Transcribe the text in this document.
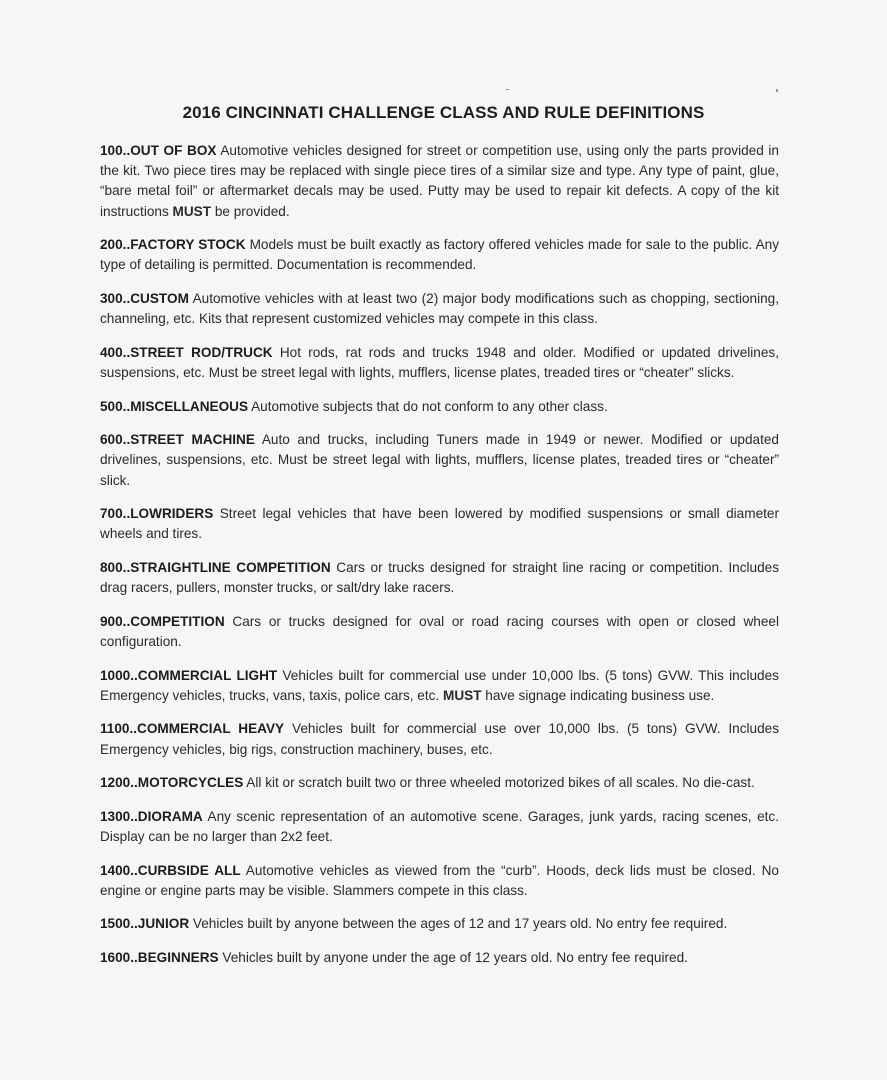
2016 CINCINNATI CHALLENGE CLASS AND RULE DEFINITIONS

100..OUT OF BOX Automotive vehicles designed for street or competition use, using only the parts provided in the kit. Two piece tires may be replaced with single piece tires of a similar size and type. Any type of paint, glue, “bare metal foil” or aftermarket decals may be used. Putty may be used to repair kit defects. A copy of the kit instructions MUST be provided.

200..FACTORY STOCK Models must be built exactly as factory offered vehicles made for sale to the public. Any type of detailing is permitted. Documentation is recommended.

300..CUSTOM Automotive vehicles with at least two (2) major body modifications such as chopping, sectioning, channeling, etc. Kits that represent customized vehicles may compete in this class.

400..STREET ROD/TRUCK Hot rods, rat rods and trucks 1948 and older. Modified or updated drivelines, suspensions, etc. Must be street legal with lights, mufflers, license plates, treaded tires or “cheater” slicks.

500..MISCELLANEOUS Automotive subjects that do not conform to any other class.

600..STREET MACHINE Auto and trucks, including Tuners made in 1949 or newer. Modified or updated drivelines, suspensions, etc. Must be street legal with lights, mufflers, license plates, treaded tires or “cheater” slick.

700..LOWRIDERS Street legal vehicles that have been lowered by modified suspensions or small diameter wheels and tires.

800..STRAIGHTLINE COMPETITION Cars or trucks designed for straight line racing or competition. Includes drag racers, pullers, monster trucks, or salt/dry lake racers.

900..COMPETITION Cars or trucks designed for oval or road racing courses with open or closed wheel configuration.

1000..COMMERCIAL LIGHT Vehicles built for commercial use under 10,000 lbs. (5 tons) GVW. This includes Emergency vehicles, trucks, vans, taxis, police cars, etc. MUST have signage indicating business use.

1100..COMMERCIAL HEAVY Vehicles built for commercial use over 10,000 lbs. (5 tons) GVW. Includes Emergency vehicles, big rigs, construction machinery, buses, etc.

1200..MOTORCYCLES All kit or scratch built two or three wheeled motorized bikes of all scales. No die-cast.

1300..DIORAMA Any scenic representation of an automotive scene. Garages, junk yards, racing scenes, etc. Display can be no larger than 2x2 feet.

1400..CURBSIDE ALL Automotive vehicles as viewed from the “curb”. Hoods, deck lids must be closed. No engine or engine parts may be visible. Slammers compete in this class.

1500..JUNIOR Vehicles built by anyone between the ages of 12 and 17 years old. No entry fee required.

1600..BEGINNERS Vehicles built by anyone under the age of 12 years old. No entry fee required.
